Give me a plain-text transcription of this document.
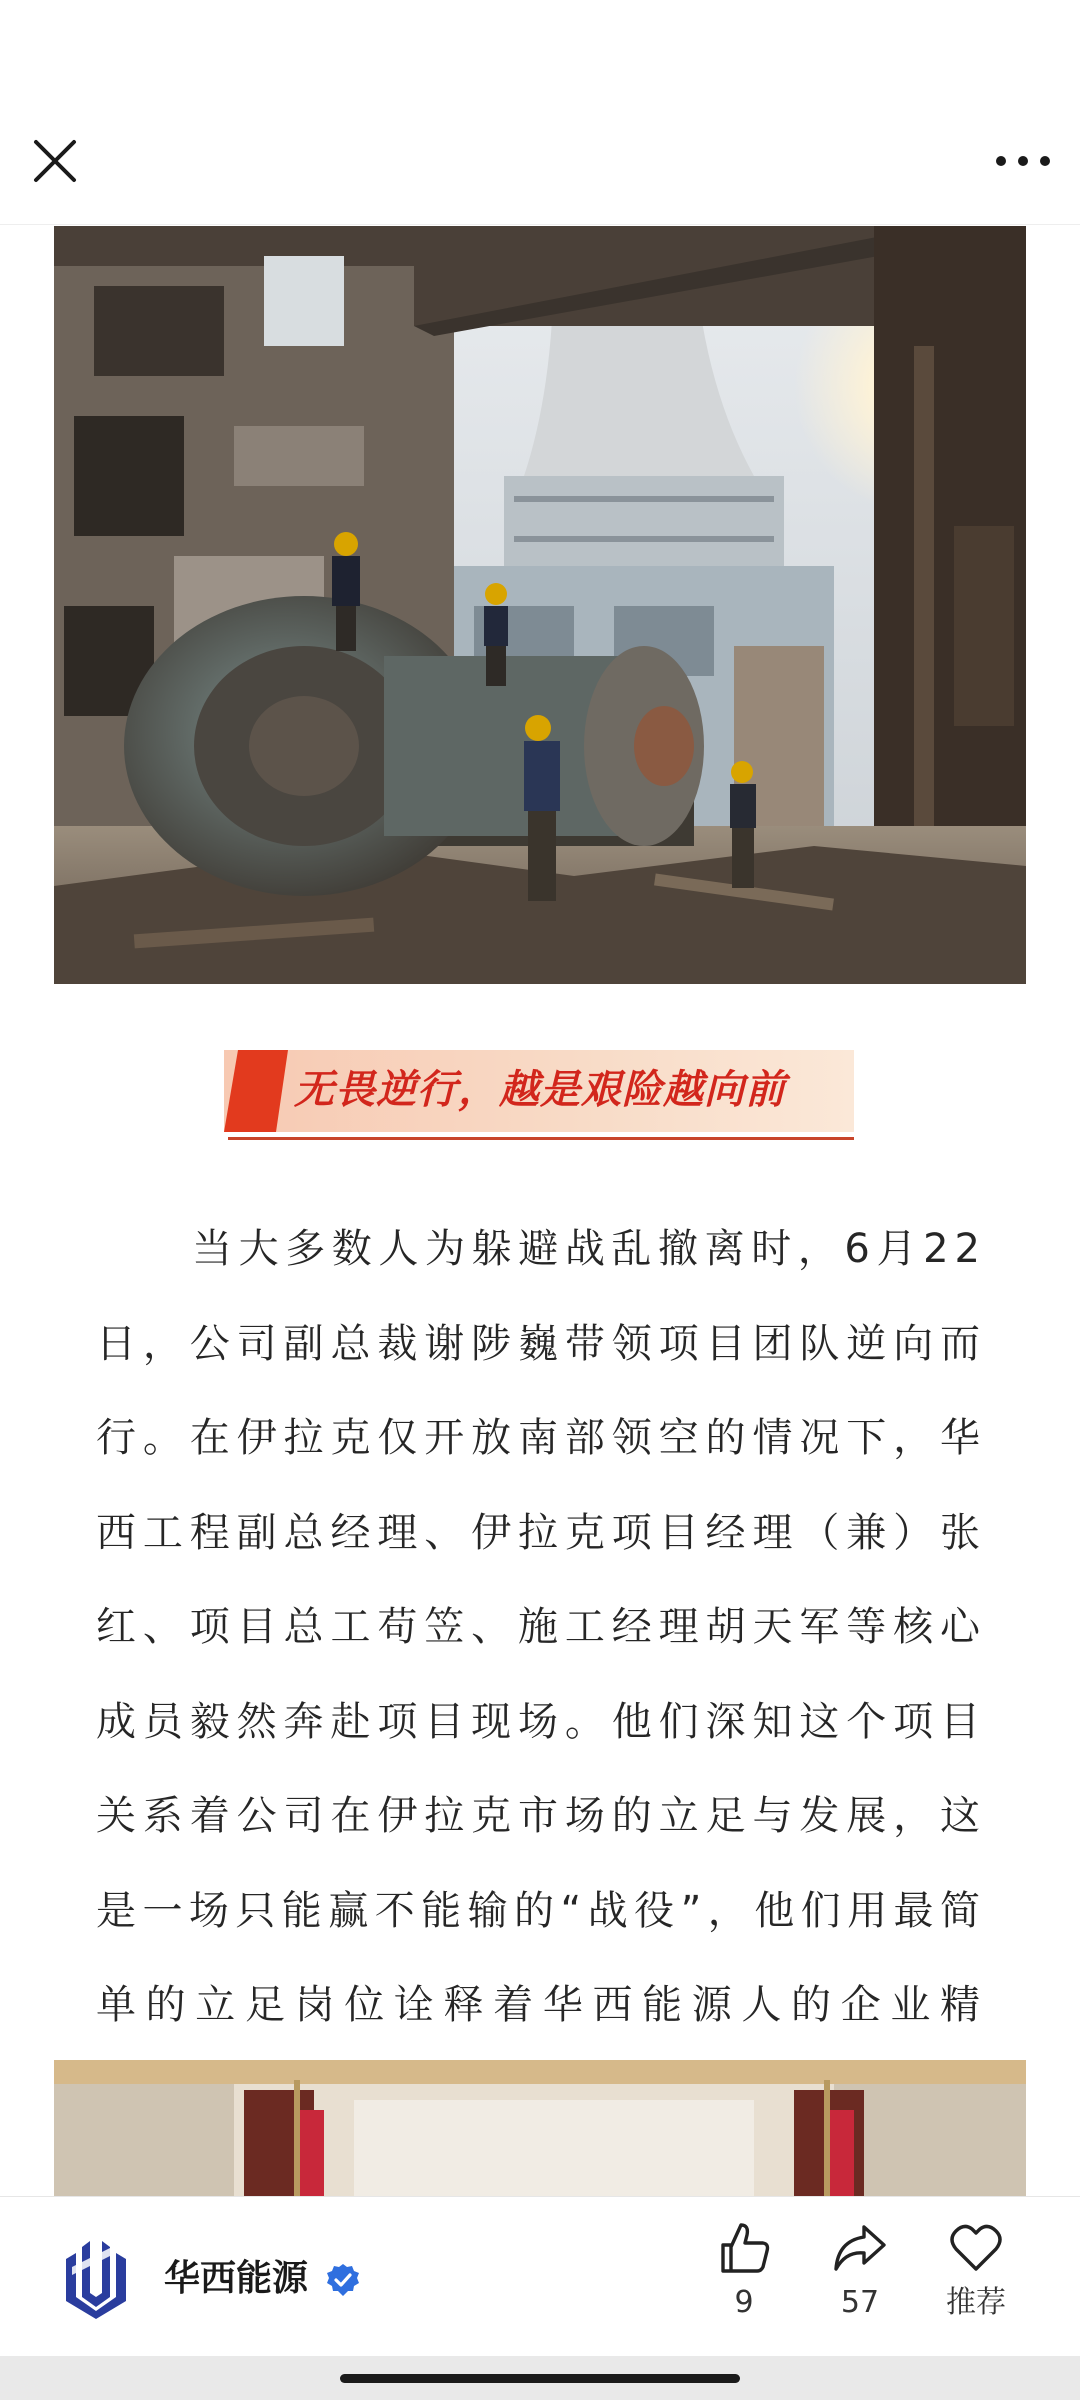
无畏逆行，越是艰险越向前

当大多数人为躲避战乱撤离时，6月22日，公司副总裁谢陟巍带领项目团队逆向而行。在伊拉克仅开放南部领空的情况下，华西工程副总经理、伊拉克项目经理（兼）张红、项目总工苟笠、施工经理胡天军等核心成员毅然奔赴项目现场。他们深知这个项目关系着公司在伊拉克市场的立足与发展，这是一场只能赢不能输的“战役”，他们用最简单的立足岗位诠释着华西能源人的企业精

华西能源
9	57	推荐
